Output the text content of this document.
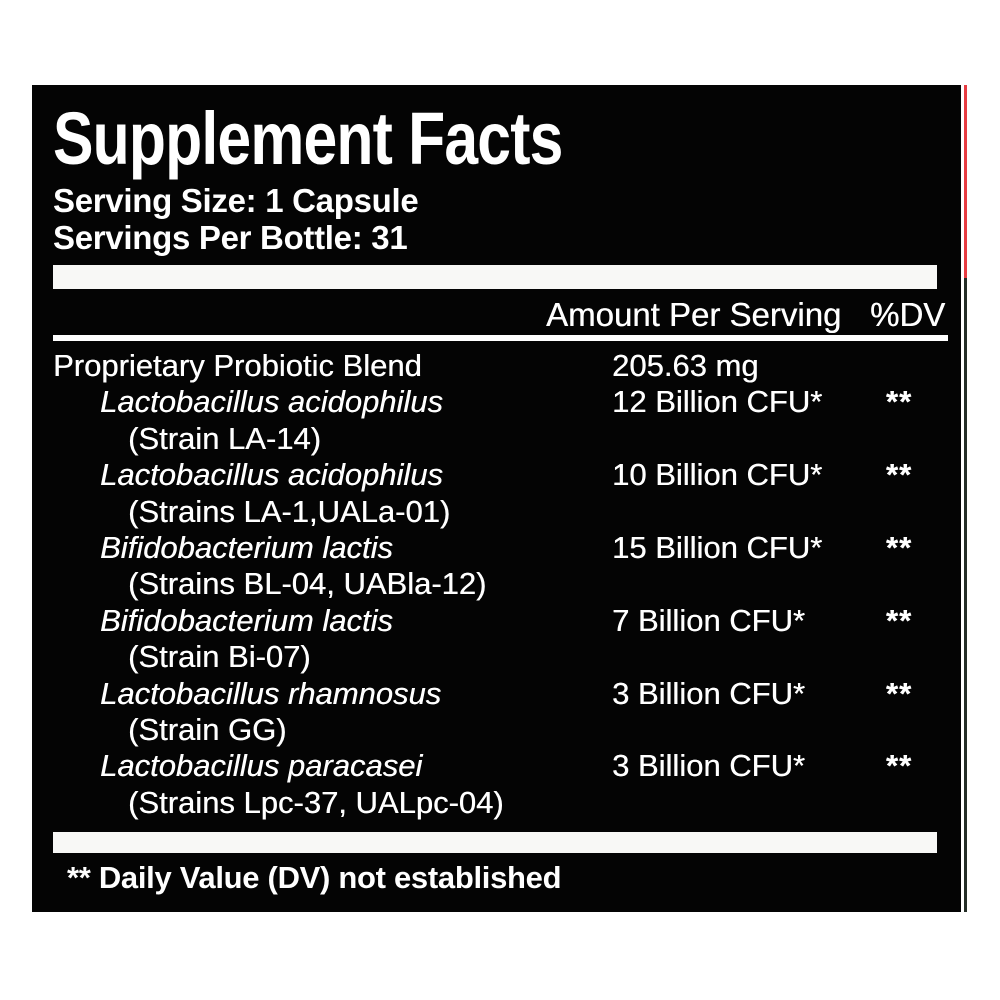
Supplement Facts
Serving Size: 1 Capsule
Servings Per Bottle: 31
Amount Per Serving %DV
Proprietary Probiotic Blend	205.63 mg
Lactobacillus acidophilus	12 Billion CFU*	**
(Strain LA-14)
Lactobacillus acidophilus	10 Billion CFU*	**
(Strains LA-1,UALa-01)
Bifidobacterium lactis	15 Billion CFU*	**
(Strains BL-04, UABla-12)
Bifidobacterium lactis	7 Billion CFU*	**
(Strain Bi-07)
Lactobacillus rhamnosus	3 Billion CFU*	**
(Strain GG)
Lactobacillus paracasei	3 Billion CFU*	**
(Strains Lpc-37, UALpc-04)
** Daily Value (DV) not established
